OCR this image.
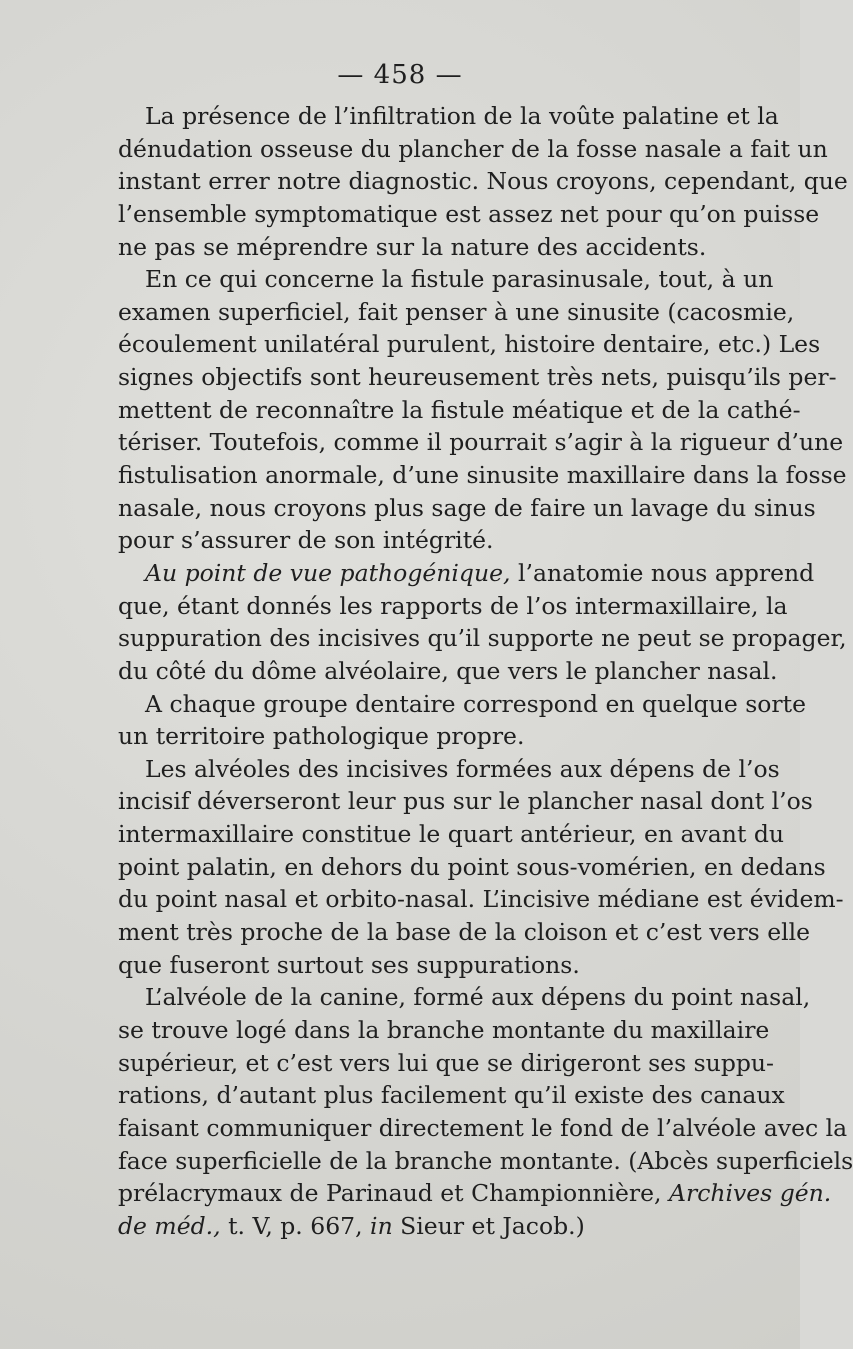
— 458 —
La présence de l’infiltration de la voûte palatine et la
dénudation osseuse du plancher de la fosse nasale a fait un
instant errer notre diagnostic. Nous croyons, cependant, que
l’ensemble symptomatique est assez net pour qu’on puisse
ne pas se méprendre sur la nature des accidents.
En ce qui concerne la fistule parasinusale, tout, à un
examen superficiel, fait penser à une sinusite (cacosmie,
écoulement unilatéral purulent, histoire dentaire, etc.) Les
signes objectifs sont heureusement très nets, puisqu’ils per-
mettent de reconnaître la fistule méatique et de la cathé-
tériser. Toutefois, comme il pourrait s’agir à la rigueur d’une
fistulisation anormale, d’une sinusite maxillaire dans la fosse
nasale, nous croyons plus sage de faire un lavage du sinus
pour s’assurer de son intégrité.
Au point de vue pathogénique, l’anatomie nous apprend
que, étant donnés les rapports de l’os intermaxillaire, la
suppuration des incisives qu’il supporte ne peut se propager,
du côté du dôme alvéolaire, que vers le plancher nasal.
A chaque groupe dentaire correspond en quelque sorte
un territoire pathologique propre.
Les alvéoles des incisives formées aux dépens de l’os
incisif déverseront leur pus sur le plancher nasal dont l’os
intermaxillaire constitue le quart antérieur, en avant du
point palatin, en dehors du point sous-vomérien, en dedans
du point nasal et orbito-nasal. L’incisive médiane est évidem-
ment très proche de la base de la cloison et c’est vers elle
que fuseront surtout ses suppurations.
L’alvéole de la canine, formé aux dépens du point nasal,
se trouve logé dans la branche montante du maxillaire
supérieur, et c’est vers lui que se dirigeront ses suppu-
rations, d’autant plus facilement qu’il existe des canaux
faisant communiquer directement le fond de l’alvéole avec la
face superficielle de la branche montante. (Abcès superficiels
prélacrymaux de Parinaud et Championnière, Archives gén.
de méd., t. V, p. 667, in Sieur et Jacob.)
